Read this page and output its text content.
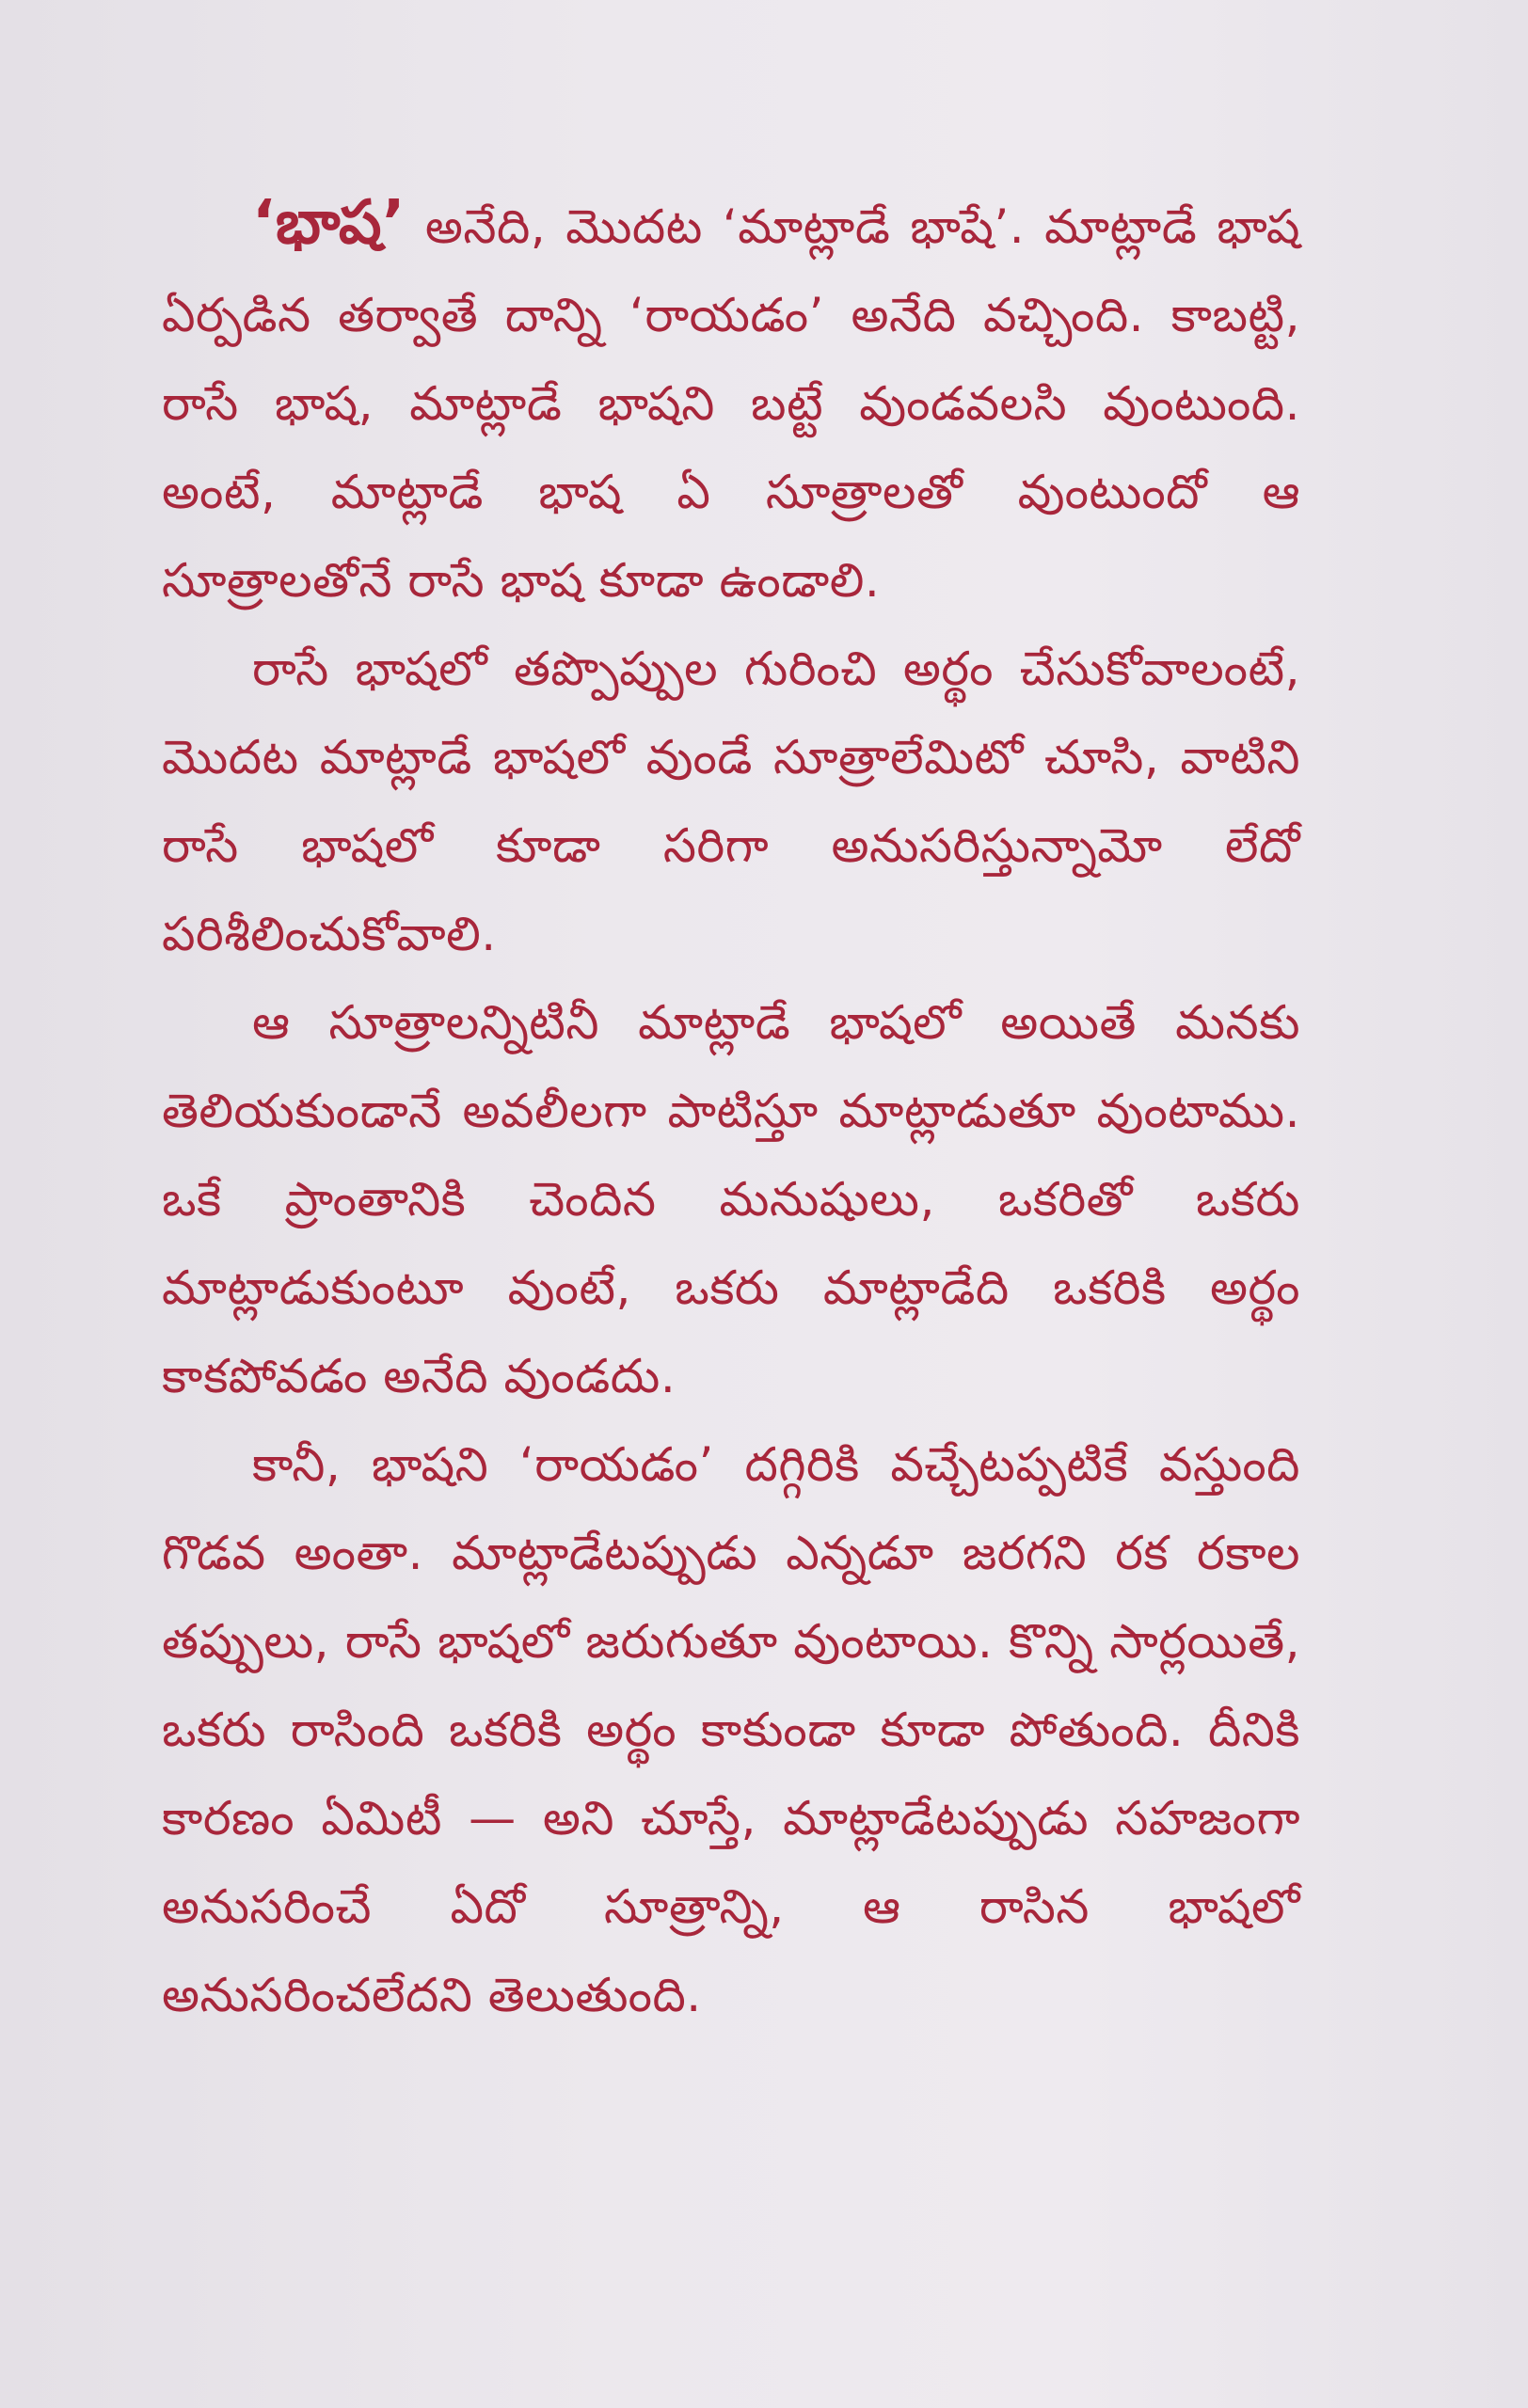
‘భాష’ అనేది, మొదట ‘మాట్లాడే భాషే’. మాట్లాడే భాష ఏర్పడిన తర్వాతే దాన్ని ‘రాయడం’ అనేది వచ్చింది. కాబట్టి, రాసే భాష, మాట్లాడే భాషని బట్టే వుండవలసి వుంటుంది. అంటే, మాట్లాడే భాష ఏ సూత్రాలతో వుంటుందో ఆ సూత్రాలతోనే రాసే భాష కూడా ఉండాలి.

రాసే భాషలో తప్పొప్పుల గురించి అర్థం చేసుకోవాలంటే, మొదట మాట్లాడే భాషలో వుండే సూత్రాలేమిటో చూసి, వాటిని రాసే భాషలో కూడా సరిగా అనుసరిస్తున్నామో లేదో పరిశీలించుకోవాలి.

ఆ సూత్రాలన్నిటినీ మాట్లాడే భాషలో అయితే మనకు తెలియకుండానే అవలీలగా పాటిస్తూ మాట్లాడుతూ వుంటాము. ఒకే ప్రాంతానికి చెందిన మనుషులు, ఒకరితో ఒకరు మాట్లాడుకుంటూ వుంటే, ఒకరు మాట్లాడేది ఒకరికి అర్థం కాకపోవడం అనేది వుండదు.

కానీ, భాషని ‘రాయడం’ దగ్గిరికి వచ్చేటప్పటికే వస్తుంది గొడవ అంతా. మాట్లాడేటప్పుడు ఎన్నడూ జరగని రక రకాల తప్పులు, రాసే భాషలో జరుగుతూ వుంటాయి. కొన్ని సార్లయితే, ఒకరు రాసింది ఒకరికి అర్థం కాకుండా కూడా పోతుంది. దీనికి కారణం ఏమిటీ — అని చూస్తే, మాట్లాడేటప్పుడు సహజంగా అనుసరించే ఏదో సూత్రాన్ని, ఆ రాసిన భాషలో అనుసరించలేదని తెలుతుంది.
